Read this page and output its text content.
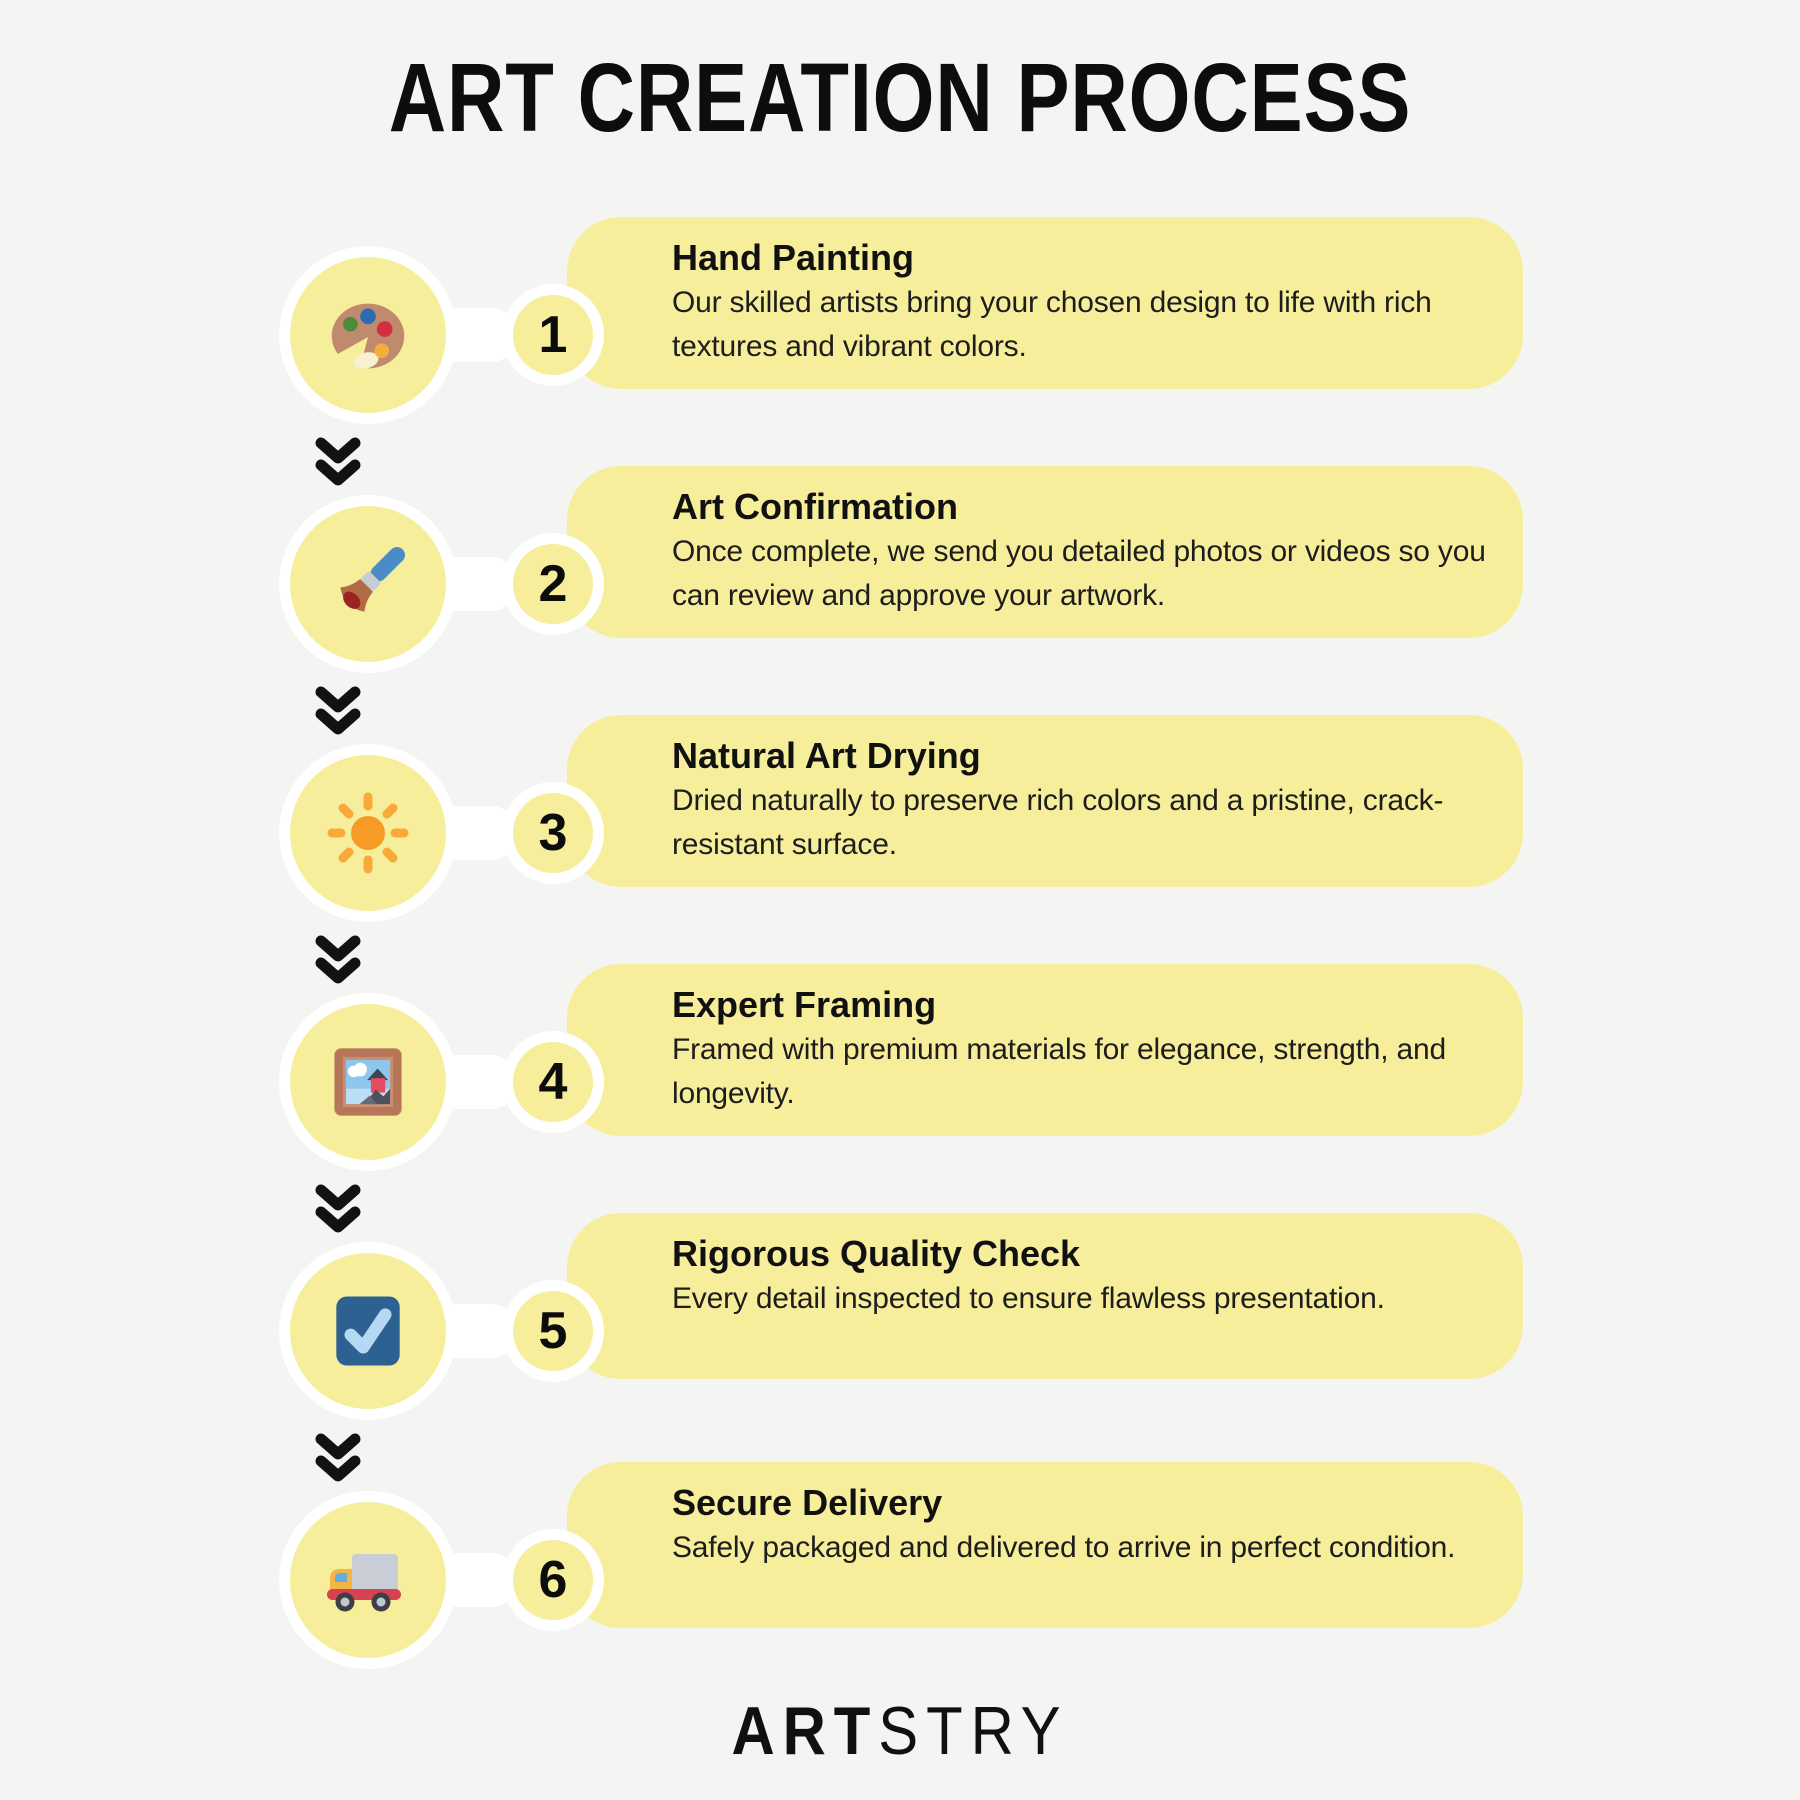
ART CREATION PROCESS
Hand Painting
Our skilled artists bring your chosen design to life with rich textures and vibrant colors.
1
Art Confirmation
Once complete, we send you detailed photos or videos so you can review and approve your artwork.
2
Natural Art Drying
Dried naturally to preserve rich colors and a pristine, crack-resistant surface.
3
Expert Framing
Framed with premium materials for elegance, strength, and longevity.
4
Rigorous Quality Check
Every detail inspected to ensure flawless presentation.
5
Secure Delivery
Safely packaged and delivered to arrive in perfect condition.
6
ARTSTRY
